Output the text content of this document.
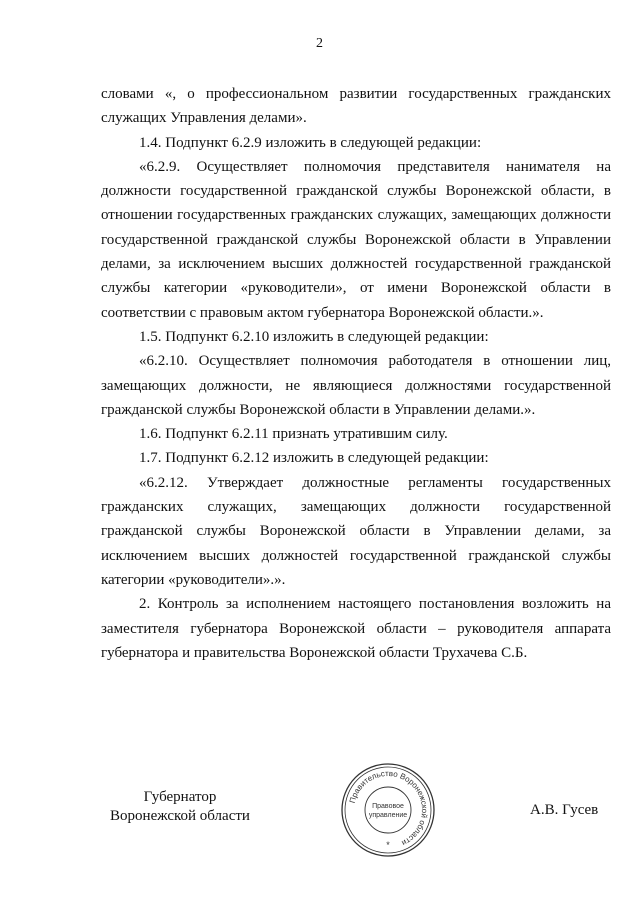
2

словами «, о профессиональном развитии государственных гражданских служащих Управления делами».

1.4. Подпункт 6.2.9 изложить в следующей редакции:

«6.2.9. Осуществляет полномочия представителя нанимателя на должности государственной гражданской службы Воронежской области, в отношении государственных гражданских служащих, замещающих должности государственной гражданской службы Воронежской области в Управлении делами, за исключением высших должностей государственной гражданской службы категории «руководители», от имени Воронежской области в соответствии с правовым актом губернатора Воронежской области.».

1.5. Подпункт 6.2.10 изложить в следующей редакции:

«6.2.10. Осуществляет полномочия работодателя в отношении лиц, замещающих должности, не являющиеся должностями государственной гражданской службы Воронежской области в Управлении делами.».

1.6. Подпункт 6.2.11 признать утратившим силу.

1.7. Подпункт 6.2.12 изложить в следующей редакции:

«6.2.12. Утверждает должностные регламенты государственных гражданских служащих, замещающих должности государственной гражданской службы Воронежской области в Управлении делами, за исключением высших должностей государственной гражданской службы категории «руководители».».

2. Контроль за исполнением настоящего постановления возложить на заместителя губернатора Воронежской области – руководителя аппарата губернатора и правительства Воронежской области Трухачева С.Б.

Губернатор
Воронежской области
Правительство Воронежской области
Правовое
управление
*
А.В. Гусев
